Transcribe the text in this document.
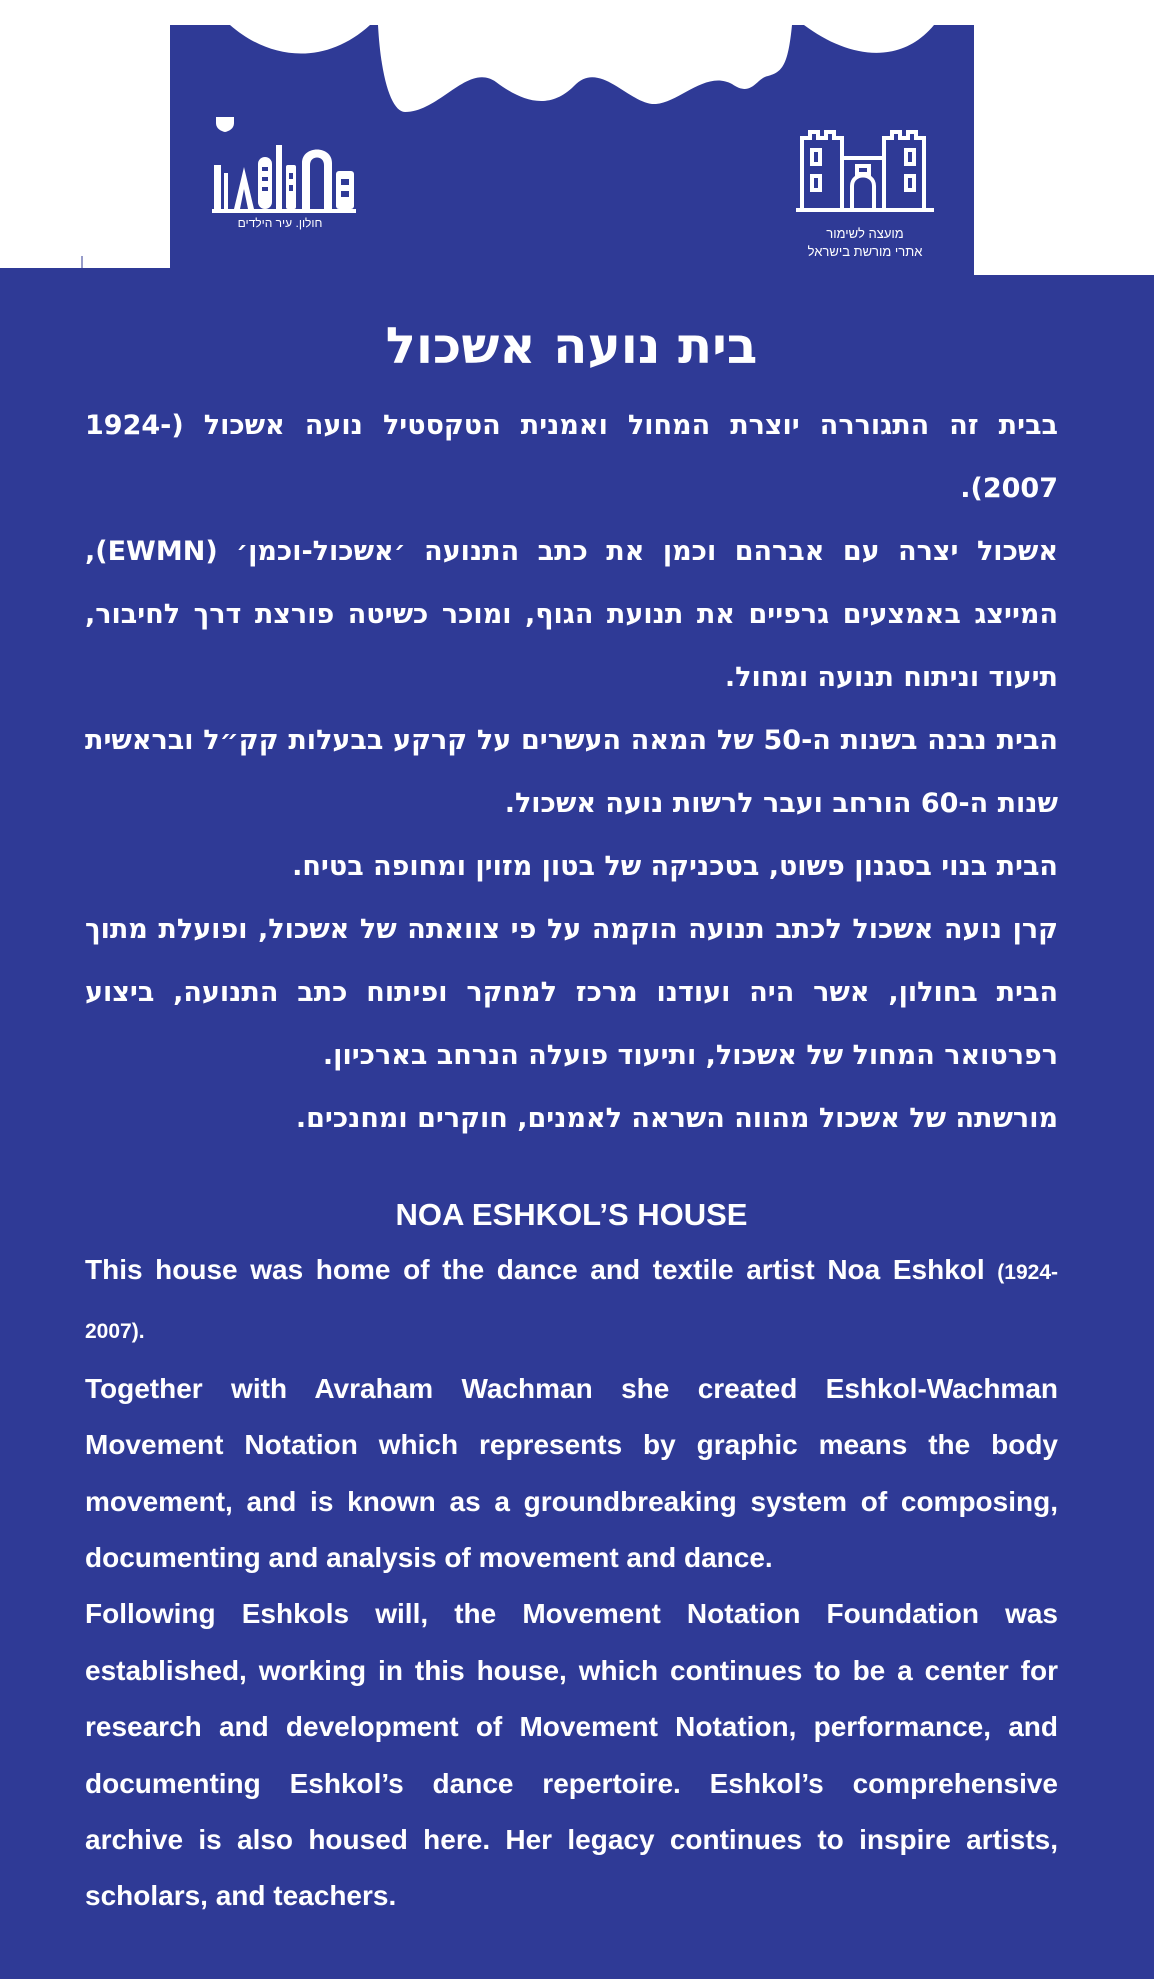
חולון. עיר הילדים
מועצה לשימור
אתרי מורשת בישראל
בית נועה אשכול

בבית זה התגוררה יוצרת המחול ואמנית הטקסטיל נועה אשכול (1924-2007).

אשכול יצרה עם אברהם וכמן את כתב התנועה ׳אשכול-וכמן׳ (EWMN), המייצג באמצעים גרפיים את תנועת הגוף, ומוכר כשיטה פורצת דרך לחיבור, תיעוד וניתוח תנועה ומחול.

הבית נבנה בשנות ה-50 של המאה העשרים על קרקע בבעלות קק״ל ובראשית שנות ה-60 הורחב ועבר לרשות נועה אשכול.

הבית בנוי בסגנון פשוט, בטכניקה של בטון מזוין ומחופה בטיח.

קרן נועה אשכול לכתב תנועה הוקמה על פי צוואתה של אשכול, ופועלת מתוך הבית בחולון, אשר היה ועודנו מרכז למחקר ופיתוח כתב התנועה, ביצוע רפרטואר המחול של אשכול, ותיעוד פועלה הנרחב בארכיון.

מורשתה של אשכול מהווה השראה לאמנים, חוקרים ומחנכים.

NOA ESHKOL’S HOUSE

This house was home of the dance and textile artist Noa Eshkol (1924-2007).

Together with Avraham Wachman she created Eshkol-Wachman Movement Notation which represents by graphic means the body movement, and is known as a groundbreaking system of composing, documenting and analysis of movement and dance.

Following Eshkols will, the Movement Notation Foundation was established, working in this house, which continues to be a center for research and development of Movement Notation, performance, and documenting Eshkol’s dance repertoire. Eshkol’s comprehensive archive is also housed here. Her legacy continues to inspire artists, scholars, and teachers.
